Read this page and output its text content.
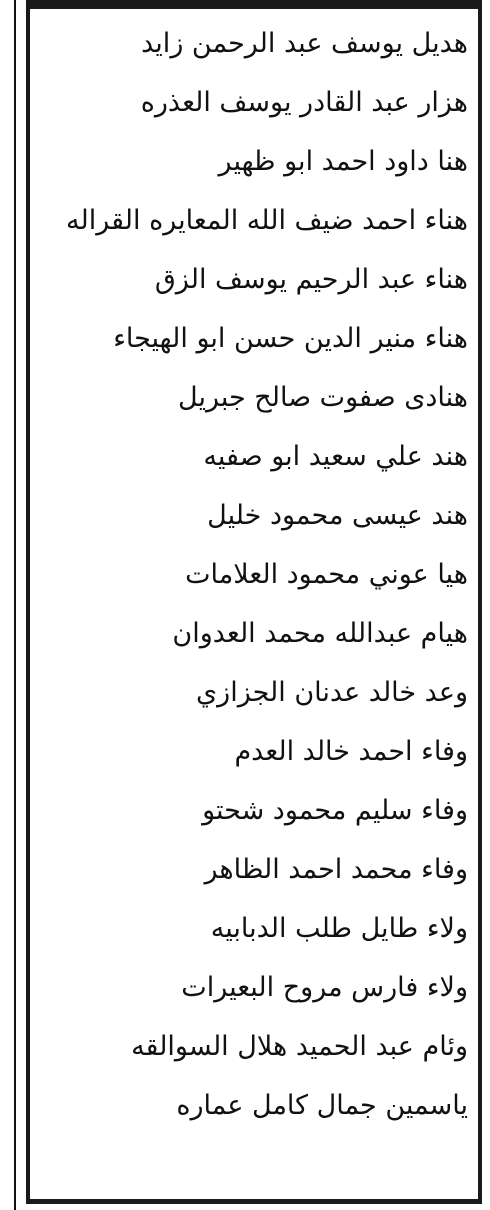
هديل يوسف عبد الرحمن زايد
هزار عبد القادر يوسف العذره
هنا داود احمد ابو ظهير
هناء احمد ضيف الله المعايره القراله
هناء عبد الرحيم يوسف الزق
هناء منير الدين حسن ابو الهيجاء
هنادى صفوت صالح جبريل
هند علي سعيد ابو صفيه
هند عيسى محمود خليل
هيا عوني محمود العلامات
هيام عبدالله محمد العدوان
وعد خالد عدنان الجزازي
وفاء احمد خالد العدم
وفاء سليم محمود شحتو
وفاء محمد احمد الظاهر
ولاء طايل طلب الدبابيه
ولاء فارس مروح البعيرات
وئام عبد الحميد هلال السوالقه
ياسمين جمال كامل عماره
